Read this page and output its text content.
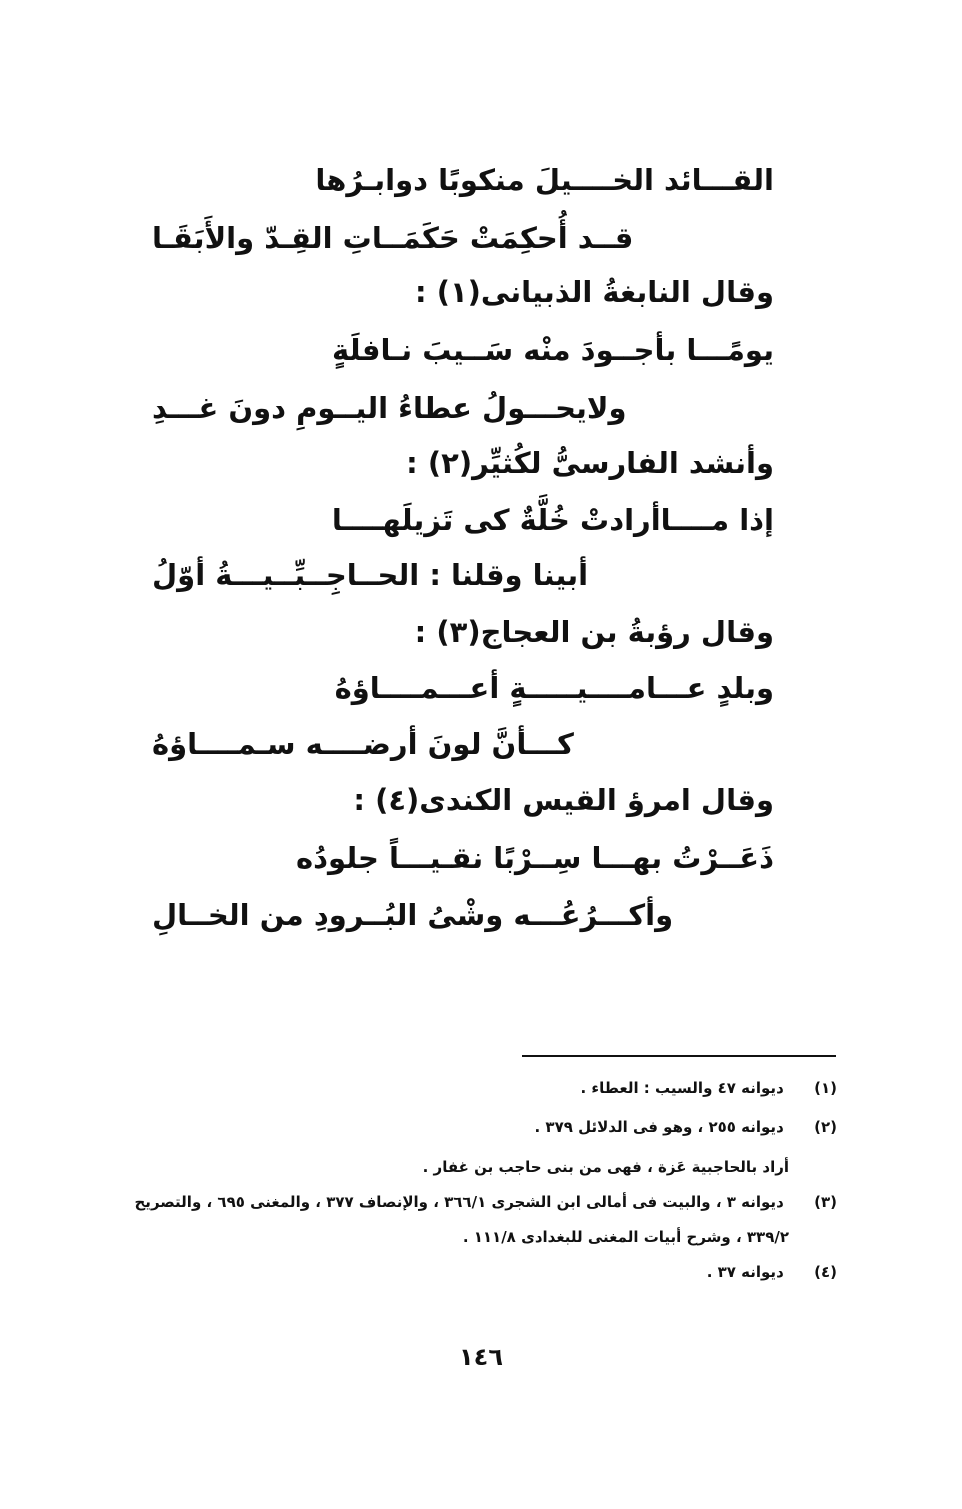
القـــائد الخــــيلَ منكوبًا دوابـرُها
قــد أُحكِمَتْ حَكَمَــاتِ القِـدّ والأَبَقَـا
وقال النابغةُ الذبيانى(١) :
يومًـــا بأجــودَ منْه سَــيبَ نـافلَةٍ
ولايحـــولُ عطاءُ اليــومِ دونَ غـــدِ
وأنشد الفارسىُّ لكُثيِّر(٢) :
إذا مــــاأرادتْ خُلَّةٌ كى تَزيلَهــــا
أبينا وقلنا : الحــاجِــبِّــيـــةُ أوّلُ
وقال رؤبةُ بن العجاج(٣) :
وبلدٍ عـــامــــيـــــةٍ أعـــمــــاؤهُ
كـــأنَّ لونَ أرضــــه سـمــــاؤهُ
وقال امرؤ القيس الكندى(٤) :
ذَعَــرْتُ بهـــا سِــرْبًا نقـيـــاً جلودُه
وأكـــرُعُـــه وشْىُ البُــرودِ من الخــالِ
(١) ديوانه ٤٧ والسيب : العطاء .
(٢) ديوانه ٢٥٥ ، وهو فى الدلائل ٣٧٩ .
أراد بالحاجبية عَزة ، فهى من بنى حاجب بن غفار .
(٣) ديوانه ٣ ، والبيت فى أمالى ابن الشجرى ٣٦٦/١ ، والإنصاف ٣٧٧ ، والمغنى ٦٩٥ ، والتصريح
٣٣٩/٢ ، وشرح أبيات المغنى للبغدادى ١١١/٨ .
(٤) ديوانه ٣٧ .
١٤٦
